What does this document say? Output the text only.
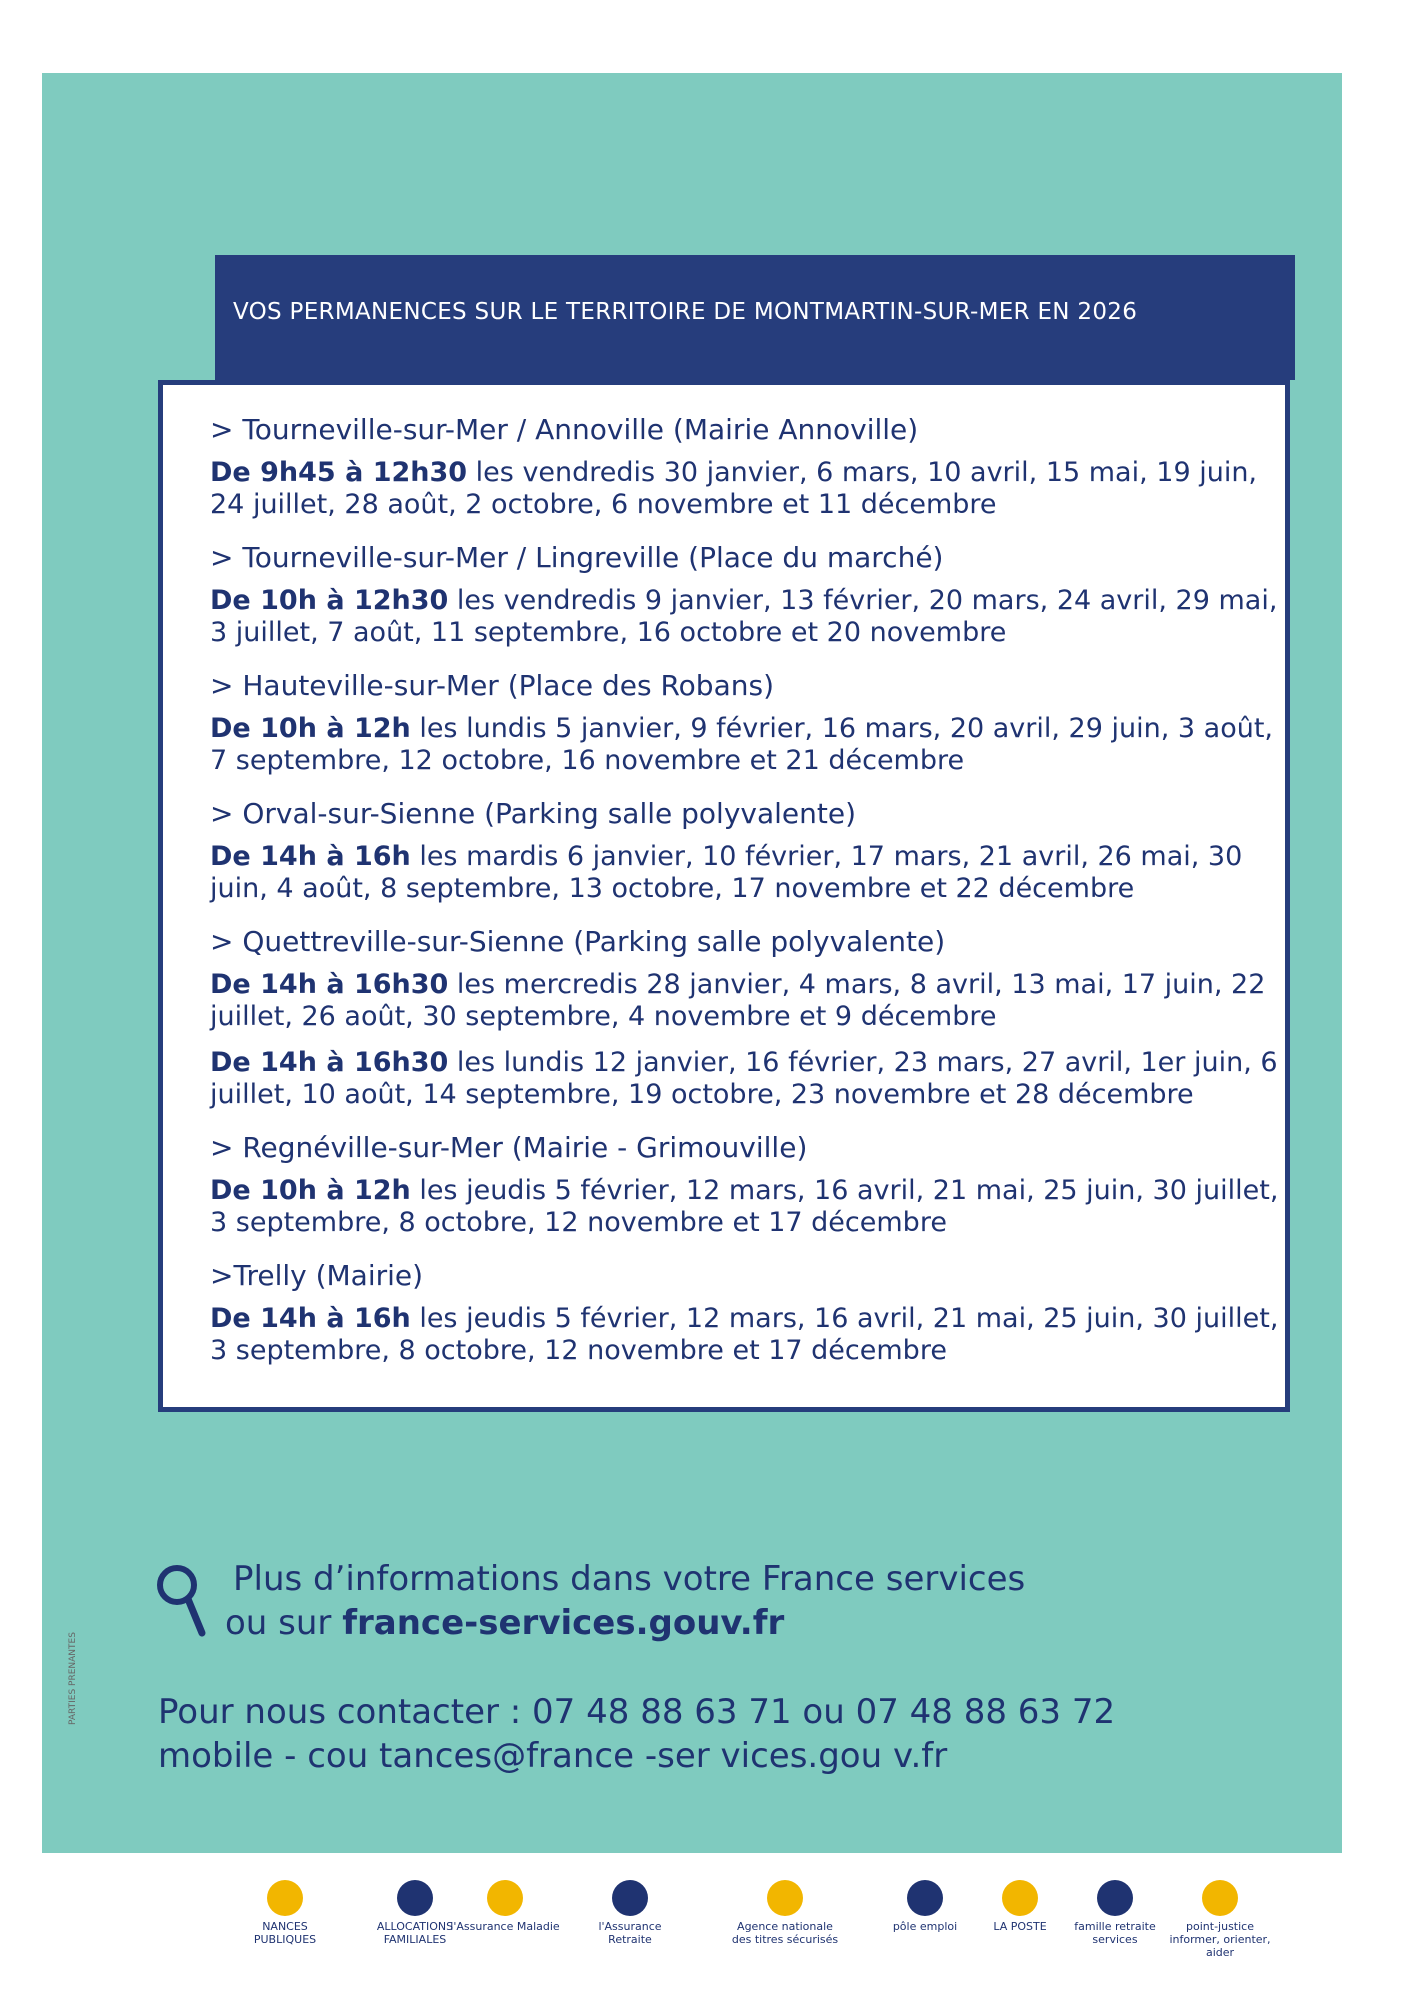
VOS PERMANENCES SUR LE TERRITOIRE DE MONTMARTIN-SUR-MER EN 2026
> Tourneville-sur-Mer / Annoville (Mairie Annoville)
De 9h45 à 12h30 les vendredis 30 janvier, 6 mars, 10 avril, 15 mai, 19 juin, 24 juillet, 28 août, 2 octobre, 6 novembre et 11 décembre
> Tourneville-sur-Mer / Lingreville (Place du marché)
De 10h à 12h30 les vendredis 9 janvier, 13 février, 20 mars, 24 avril, 29 mai, 3 juillet, 7 août, 11 septembre, 16 octobre et 20 novembre
> Hauteville-sur-Mer (Place des Robans)
De 10h à 12h les lundis 5 janvier, 9 février, 16 mars, 20 avril, 29 juin, 3 août, 7 septembre, 12 octobre, 16 novembre et 21 décembre
> Orval-sur-Sienne (Parking salle polyvalente)
De 14h à 16h les mardis 6 janvier, 10 février, 17 mars, 21 avril, 26 mai, 30 juin, 4 août, 8 septembre, 13 octobre, 17 novembre et 22 décembre
> Quettreville-sur-Sienne (Parking salle polyvalente)
De 14h à 16h30 les mercredis 28 janvier, 4 mars, 8 avril, 13 mai, 17 juin, 22 juillet, 26 août, 30 septembre, 4 novembre et 9 décembre
De 14h à 16h30 les lundis 12 janvier, 16 février, 23 mars, 27 avril, 1er juin, 6 juillet, 10 août, 14 septembre, 19 octobre, 23 novembre et 28 décembre
> Regnéville-sur-Mer (Mairie - Grimouville)
De 10h à 12h les jeudis 5 février, 12 mars, 16 avril, 21 mai, 25 juin, 30 juillet, 3 septembre, 8 octobre, 12 novembre et 17 décembre
>Trelly (Mairie)
De 14h à 16h les jeudis 5 février, 12 mars, 16 avril, 21 mai, 25 juin, 30 juillet, 3 septembre, 8 octobre, 12 novembre et 17 décembre
Plus d’informations dans votre France services
ou sur france-services.gouv.fr
Pour nous contacter : 07 48 88 63 71 ou 07 48 88 63 72
mobile - cou tances@france -ser vices.gou v.fr
PARTIES PRENANTES
NANCES PUBLIQUES
ALLOCATIONS FAMILIALES
l'Assurance Maladie	l'Assurance Retraite
Agence nationale des titres sécurisés
pôle emploi	LA POSTE	famille retraite services
point-justice informer, orienter, aider
